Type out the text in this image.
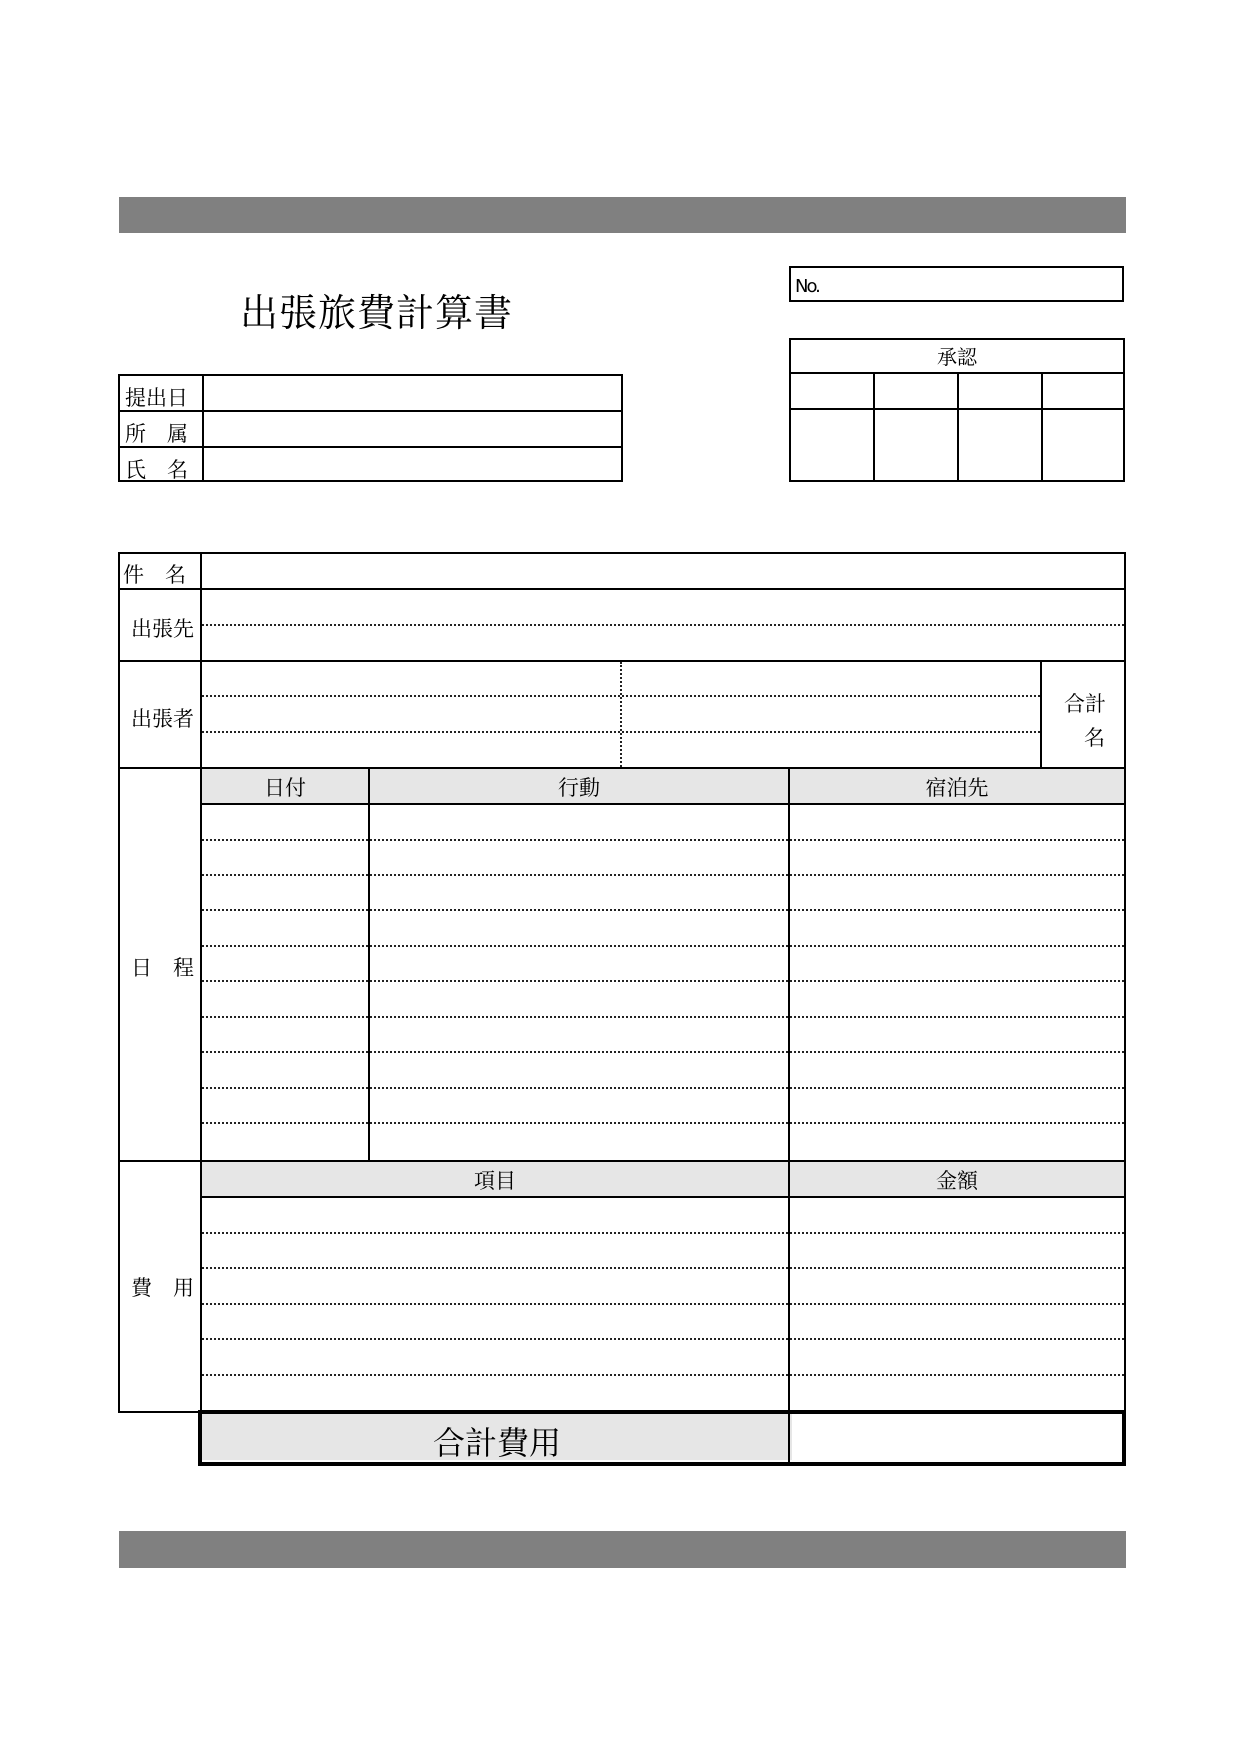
出張旅費計算書
No.
承認
提出日
所　属
氏　名
件　名
出張先
出張者
合計
名
日　程
日付	行動	宿泊先
費　用
項目	金額
合計費用
